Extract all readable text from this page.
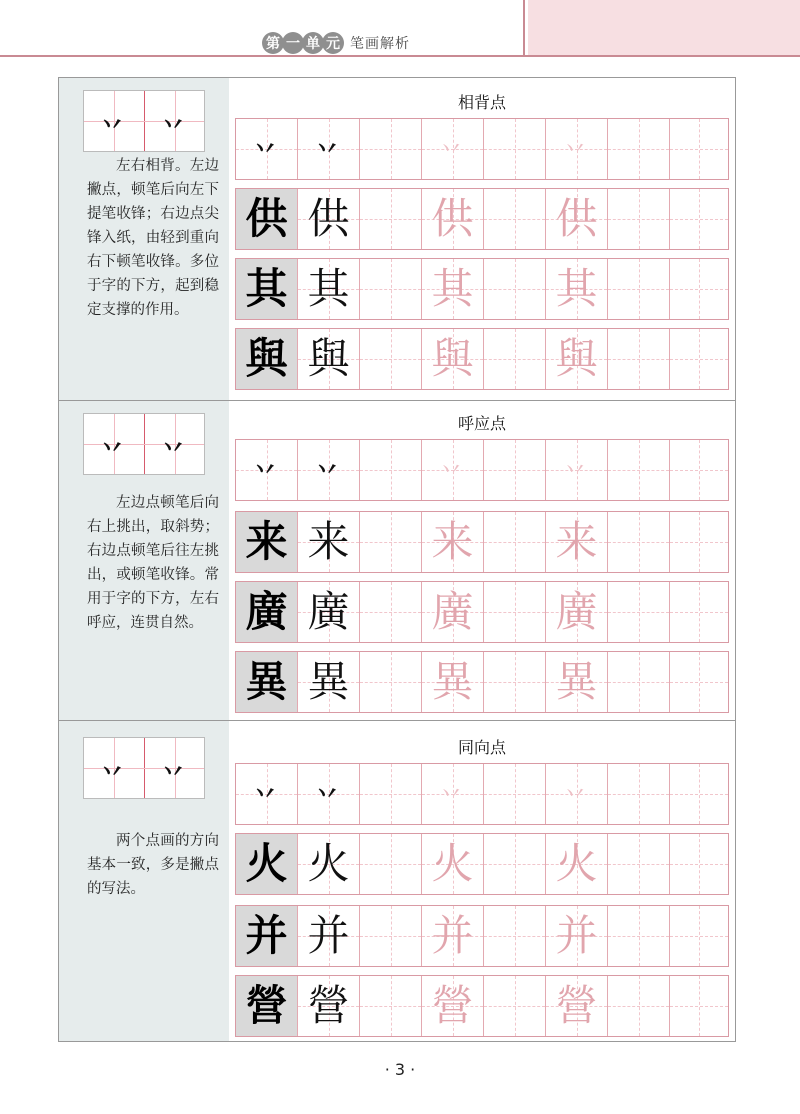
第 一 单 元 笔画解析
丷	丷
左右相背。左边撇点，顿笔后向左下提笔收锋；右边点尖锋入纸，由轻到重向右下顿笔收锋。多位于字的下方，起到稳定支撑的作用。
相背点
丷	丷	丷	丷
供 供 供 供
其 其 其 其
與 與 與 與
丷	丷
左边点顿笔后向右上挑出，取斜势；右边点顿笔后往左挑出，或顿笔收锋。常用于字的下方，左右呼应，连贯自然。
呼应点
丷	丷	丷	丷
来 来 来 来
廣 廣 廣 廣
異 異 異 異
丷	丷
两个点画的方向基本一致，多是撇点的写法。
同向点
丷	丷	丷	丷
火 火 火 火
并 并 并 并
營 營 營 營
· 3 ·
